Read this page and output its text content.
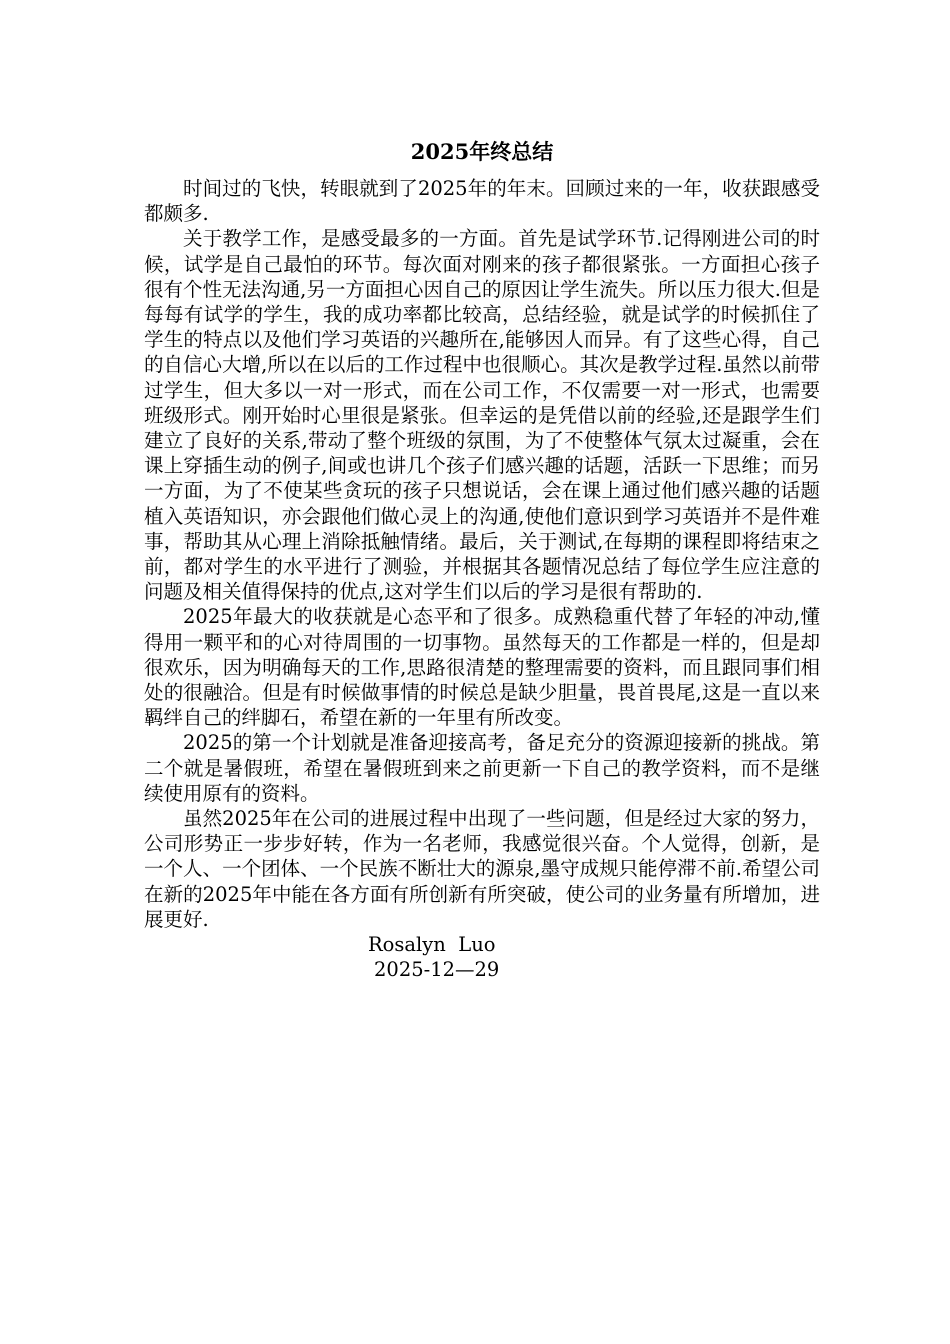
2025年终总结

时间过的飞快，转眼就到了2025年的年末。回顾过来的一年，收获跟感受都颇多.

关于教学工作，是感受最多的一方面。首先是试学环节.记得刚进公司的时候，试学是自己最怕的环节。每次面对刚来的孩子都很紧张。一方面担心孩子很有个性无法沟通,另一方面担心因自己的原因让学生流失。所以压力很大.但是每每有试学的学生，我的成功率都比较高，总结经验，就是试学的时候抓住了学生的特点以及他们学习英语的兴趣所在,能够因人而异。有了这些心得，自己的自信心大增,所以在以后的工作过程中也很顺心。其次是教学过程.虽然以前带过学生，但大多以一对一形式，而在公司工作，不仅需要一对一形式，也需要班级形式。刚开始时心里很是紧张。但幸运的是凭借以前的经验,还是跟学生们建立了良好的关系,带动了整个班级的氛围，为了不使整体气氛太过凝重，会在课上穿插生动的例子,间或也讲几个孩子们感兴趣的话题，活跃一下思维；而另一方面，为了不使某些贪玩的孩子只想说话，会在课上通过他们感兴趣的话题植入英语知识，亦会跟他们做心灵上的沟通,使他们意识到学习英语并不是件难事，帮助其从心理上消除抵触情绪。最后，关于测试,在每期的课程即将结束之前，都对学生的水平进行了测验，并根据其各题情况总结了每位学生应注意的问题及相关值得保持的优点,这对学生们以后的学习是很有帮助的.

2025年最大的收获就是心态平和了很多。成熟稳重代替了年轻的冲动,懂得用一颗平和的心对待周围的一切事物。虽然每天的工作都是一样的，但是却很欢乐，因为明确每天的工作,思路很清楚的整理需要的资料，而且跟同事们相处的很融洽。但是有时候做事情的时候总是缺少胆量，畏首畏尾,这是一直以来羁绊自己的绊脚石，希望在新的一年里有所改变。

2025的第一个计划就是准备迎接高考，备足充分的资源迎接新的挑战。第二个就是暑假班，希望在暑假班到来之前更新一下自己的教学资料，而不是继续使用原有的资料。

虽然2025年在公司的进展过程中出现了一些问题，但是经过大家的努力，公司形势正一步步好转，作为一名老师，我感觉很兴奋。个人觉得，创新，是一个人、一个团体、一个民族不断壮大的源泉,墨守成规只能停滞不前.希望公司在新的2025年中能在各方面有所创新有所突破，使公司的业务量有所增加，进展更好.

Rosalyn  Luo

2025-12—29
